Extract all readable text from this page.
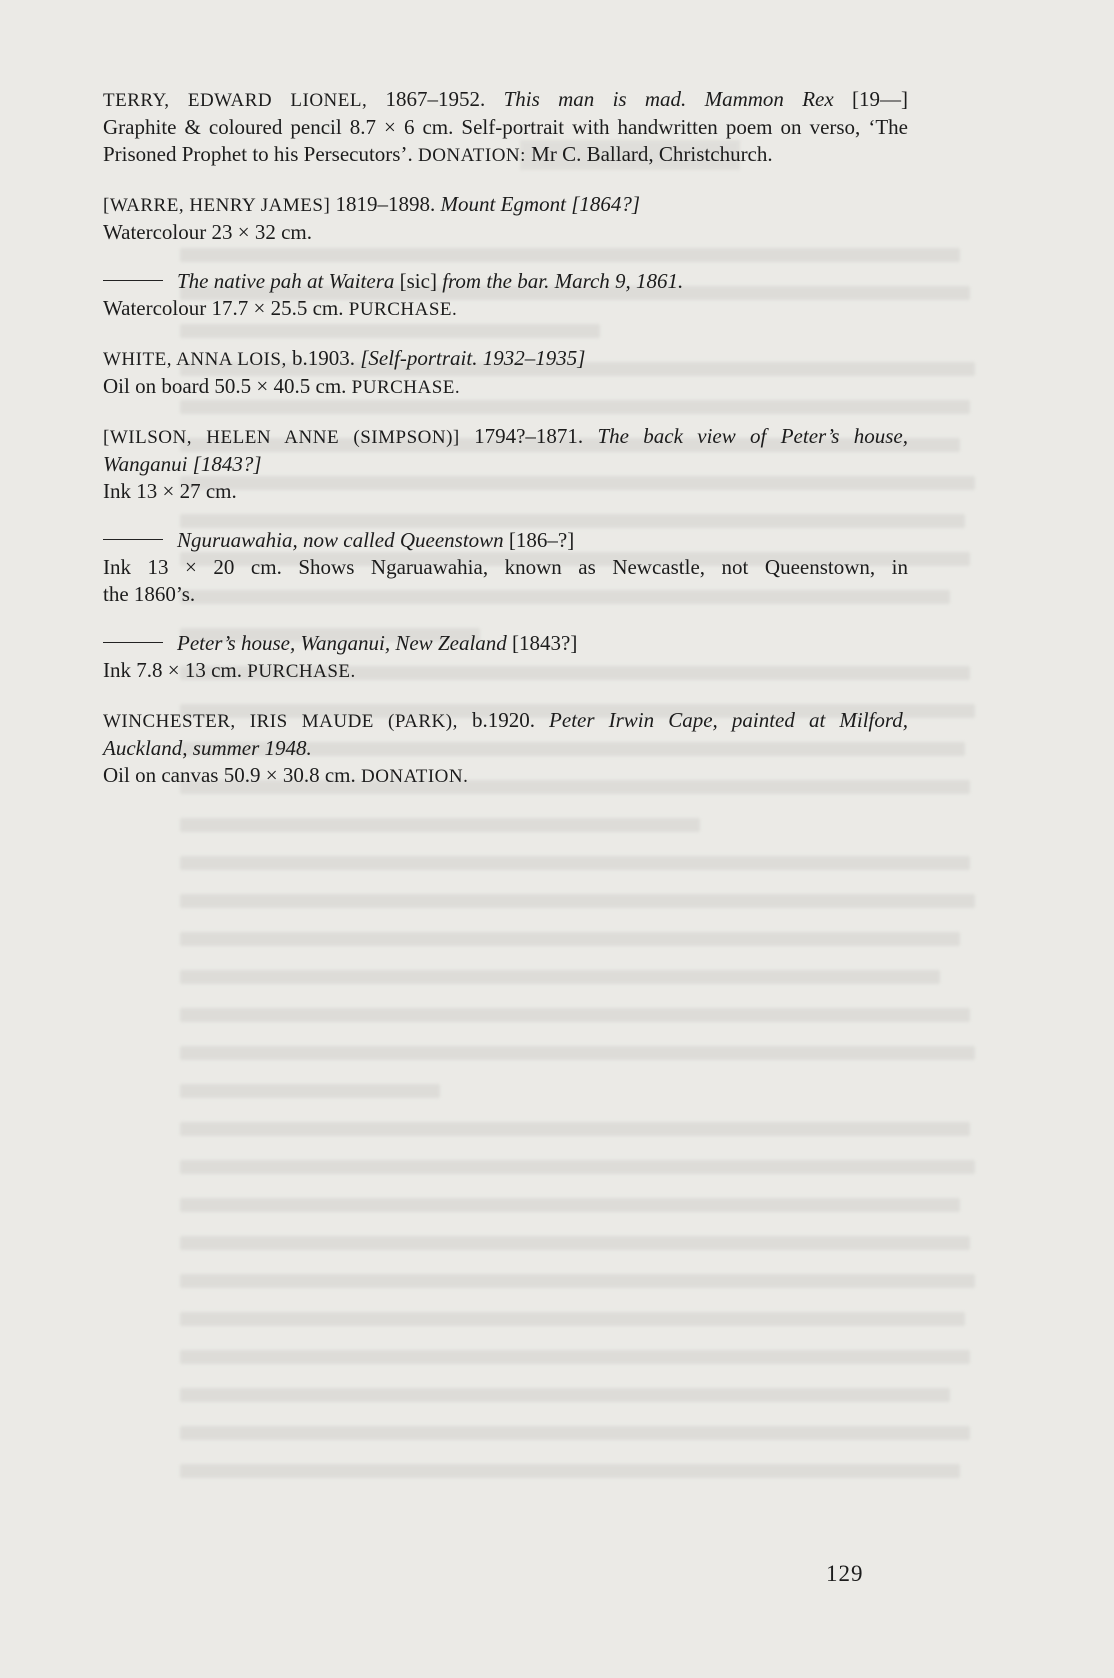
TERRY, EDWARD LIONEL, 1867–1952. This man is mad. Mammon Rex [19—]
Graphite & coloured pencil 8.7 × 6 cm. Self-portrait with handwritten poem on verso, ‘The Prisoned Prophet to his Persecutors’. DONATION: Mr C. Ballard, Christchurch.
[WARRE, HENRY JAMES] 1819–1898. Mount Egmont [1864?]
Watercolour 23 × 32 cm.
The native pah at Waitera [sic] from the bar. March 9, 1861.
Watercolour 17.7 × 25.5 cm. PURCHASE.
WHITE, ANNA LOIS, b.1903. [Self-portrait. 1932–1935]
Oil on board 50.5 × 40.5 cm. PURCHASE.
[WILSON, HELEN ANNE (SIMPSON)] 1794?–1871. The back view of Peter’s house,
Wanganui [1843?]
Ink 13 × 27 cm.
Nguruawahia, now called Queenstown [186–?]
Ink 13 × 20 cm. Shows Ngaruawahia, known as Newcastle, not Queenstown, in
the 1860’s.
Peter’s house, Wanganui, New Zealand [1843?]
Ink 7.8 × 13 cm. PURCHASE.
WINCHESTER, IRIS MAUDE (PARK), b.1920. Peter Irwin Cape, painted at Milford,
Auckland, summer 1948.
Oil on canvas 50.9 × 30.8 cm. DONATION.
129
